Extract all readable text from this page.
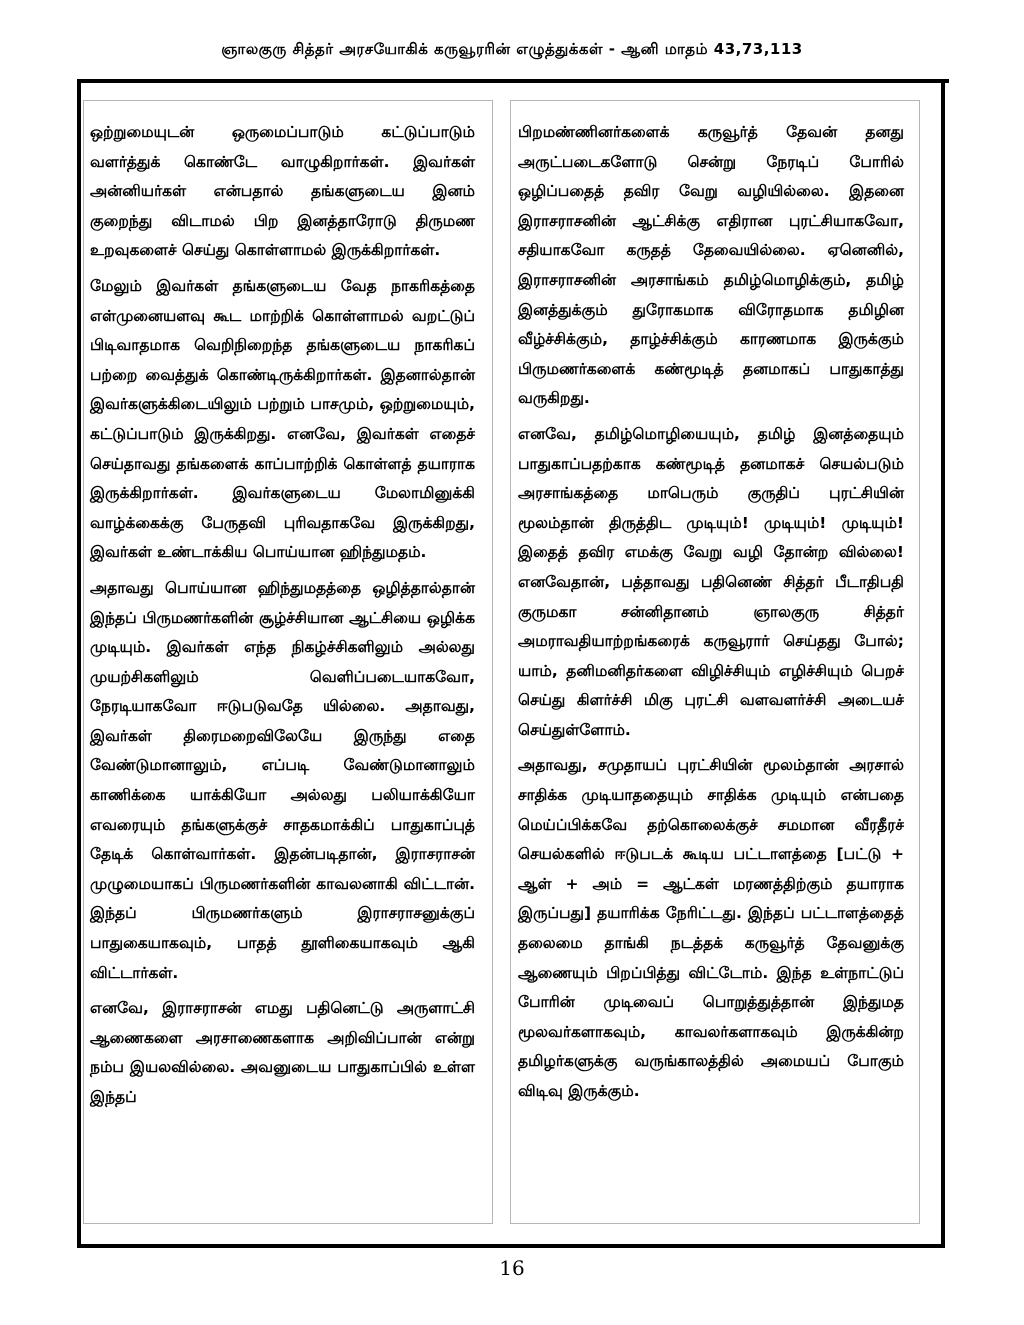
ஞாலகுரு சித்தர் அரசயோகிக் கருவூரரின் எழுத்துக்கள் - ஆனி மாதம் 43,73,113

ஒற்றுமையுடன் ஒருமைப்பாடும் கட்டுப்பாடும் வளர்த்துக் கொண்டே வாழுகிறார்கள். இவர்கள் அன்னியர்கள் என்பதால் தங்களுடைய இனம் குறைந்து விடாமல் பிற இனத்தாரோடு திருமண உறவுகளைச் செய்து கொள்ளாமல் இருக்கிறார்கள்.

மேலும் இவர்கள் தங்களுடைய வேத நாகரிகத்தை எள்முனையளவு கூட மாற்றிக் கொள்ளாமல் வறட்டுப் பிடிவாதமாக வெறிநிறைந்த தங்களுடைய நாகரிகப் பற்றை வைத்துக் கொண்டிருக்கிறார்கள். இதனால்தான் இவர்களுக்கிடையிலும் பற்றும் பாசமும், ஒற்றுமையும், கட்டுப்பாடும் இருக்கிறது. எனவே, இவர்கள் எதைச் செய்தாவது தங்களைக் காப்பாற்றிக் கொள்ளத் தயாராக இருக்கிறார்கள். இவர்களுடைய மேலாமினுக்கி வாழ்க்கைக்கு பேருதவி புரிவதாகவே இருக்கிறது, இவர்கள் உண்டாக்கிய பொய்யான ஹிந்துமதம்.

அதாவது பொய்யான ஹிந்துமதத்தை ஒழித்தால்தான் இந்தப் பிருமணர்களின் சூழ்ச்சியான ஆட்சியை ஒழிக்க முடியும். இவர்கள் எந்த நிகழ்ச்சிகளிலும் அல்லது முயற்சிகளிலும் வெளிப்படையாகவோ, நேரடியாகவோ ஈடுபடுவதே யில்லை. அதாவது, இவர்கள் திரைமறைவிலேயே இருந்து எதை வேண்டுமானாலும், எப்படி வேண்டுமானாலும் காணிக்கை யாக்கியோ அல்லது பலியாக்கியோ எவரையும் தங்களுக்குச் சாதகமாக்கிப் பாதுகாப்புத் தேடிக் கொள்வார்கள். இதன்படிதான், இராசராசன் முழுமையாகப் பிருமணர்களின் காவலனாகி விட்டான். இந்தப் பிருமணர்களும் இராசராசனுக்குப் பாதுகையாகவும், பாதத் தூளிகையாகவும் ஆகி விட்டார்கள்.

எனவே, இராசராசன் எமது பதினெட்டு அருளாட்சி ஆணைகளை அரசாணைகளாக அறிவிப்பான் என்று நம்ப இயலவில்லை. அவனுடைய பாதுகாப்பில் உள்ள இந்தப்

பிறமண்ணினர்களைக் கருவூர்த் தேவன் தனது அருட்படைகளோடு சென்று நேரடிப் போரில் ஒழிப்பதைத் தவிர வேறு வழியில்லை. இதனை இராசராசனின் ஆட்சிக்கு எதிரான புரட்சியாகவோ, சதியாகவோ கருதத் தேவையில்லை. ஏனெனில், இராசராசனின் அரசாங்கம் தமிழ்மொழிக்கும், தமிழ் இனத்துக்கும் துரோகமாக விரோதமாக தமிழின வீழ்ச்சிக்கும், தாழ்ச்சிக்கும் காரணமாக இருக்கும் பிருமணர்களைக் கண்மூடித் தனமாகப் பாதுகாத்து வருகிறது.

எனவே, தமிழ்மொழியையும், தமிழ் இனத்தையும் பாதுகாப்பதற்காக கண்மூடித் தனமாகச் செயல்படும் அரசாங்கத்தை மாபெரும் குருதிப் புரட்சியின் மூலம்தான் திருத்திட முடியும்! முடியும்! முடியும்! இதைத் தவிர எமக்கு வேறு வழி தோன்ற வில்லை! எனவேதான், பத்தாவது பதினெண் சித்தர் பீடாதிபதி குருமகா சன்னிதானம் ஞாலகுரு சித்தர் அமராவதியாற்றங்கரைக் கருவூரார் செய்தது போல்; யாம், தனிமனிதர்களை விழிச்சியும் எழிச்சியும் பெறச் செய்து கிளர்ச்சி மிகு புரட்சி வளவளர்ச்சி அடையச் செய்துள்ளோம்.

அதாவது, சமுதாயப் புரட்சியின் மூலம்தான் அரசால் சாதிக்க முடியாததையும் சாதிக்க முடியும் என்பதை மெய்ப்பிக்கவே தற்கொலைக்குச் சமமான வீரதீரச் செயல்களில் ஈடுபடக் கூடிய பட்டாளத்தை [பட்டு + ஆள் + அம் = ஆட்கள் மரணத்திற்கும் தயாராக இருப்பது] தயாரிக்க நேரிட்டது. இந்தப் பட்டாளத்தைத் தலைமை தாங்கி நடத்தக் கருவூர்த் தேவனுக்கு ஆணையும் பிறப்பித்து விட்டோம். இந்த உள்நாட்டுப் போரின் முடிவைப் பொறுத்துத்தான் இந்துமத மூலவர்களாகவும், காவலர்களாகவும் இருக்கின்ற தமிழர்களுக்கு வருங்காலத்தில் அமையப் போகும் விடிவு இருக்கும்.

16
